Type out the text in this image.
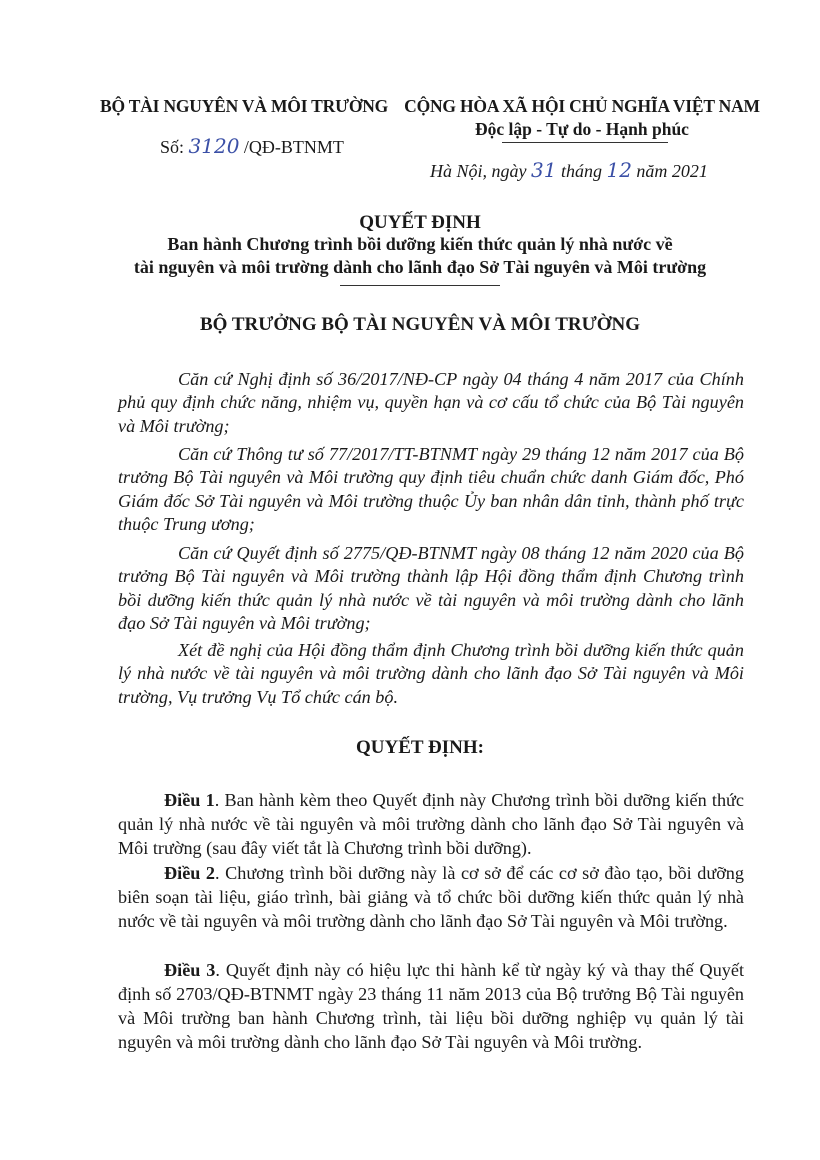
BỘ TÀI NGUYÊN VÀ MÔI TRƯỜNG
Số: 3120 /QĐ-BTNMT
CỘNG HÒA XÃ HỘI CHỦ NGHĨA VIỆT NAM
Độc lập - Tự do - Hạnh phúc
Hà Nội, ngày 31 tháng 12 năm 2021
QUYẾT ĐỊNH
Ban hành Chương trình bồi dưỡng kiến thức quản lý nhà nước về
tài nguyên và môi trường dành cho lãnh đạo Sở Tài nguyên và Môi trường
BỘ TRƯỞNG BỘ TÀI NGUYÊN VÀ MÔI TRƯỜNG
Căn cứ Nghị định số 36/2017/NĐ-CP ngày 04 tháng 4 năm 2017 của Chính phủ quy định chức năng, nhiệm vụ, quyền hạn và cơ cấu tổ chức của Bộ Tài nguyên và Môi trường;
Căn cứ Thông tư số 77/2017/TT-BTNMT ngày 29 tháng 12 năm 2017 của Bộ trưởng Bộ Tài nguyên và Môi trường quy định tiêu chuẩn chức danh Giám đốc, Phó Giám đốc Sở Tài nguyên và Môi trường thuộc Ủy ban nhân dân tỉnh, thành phố trực thuộc Trung ương;
Căn cứ Quyết định số 2775/QĐ-BTNMT ngày 08 tháng 12 năm 2020 của Bộ trưởng Bộ Tài nguyên và Môi trường thành lập Hội đồng thẩm định Chương trình bồi dưỡng kiến thức quản lý nhà nước về tài nguyên và môi trường dành cho lãnh đạo Sở Tài nguyên và Môi trường;
Xét đề nghị của Hội đồng thẩm định Chương trình bồi dưỡng kiến thức quản lý nhà nước về tài nguyên và môi trường dành cho lãnh đạo Sở Tài nguyên và Môi trường, Vụ trưởng Vụ Tổ chức cán bộ.
QUYẾT ĐỊNH:
Điều 1. Ban hành kèm theo Quyết định này Chương trình bồi dưỡng kiến thức quản lý nhà nước về tài nguyên và môi trường dành cho lãnh đạo Sở Tài nguyên và Môi trường (sau đây viết tắt là Chương trình bồi dưỡng).
Điều 2. Chương trình bồi dưỡng này là cơ sở để các cơ sở đào tạo, bồi dưỡng biên soạn tài liệu, giáo trình, bài giảng và tổ chức bồi dưỡng kiến thức quản lý nhà nước về tài nguyên và môi trường dành cho lãnh đạo Sở Tài nguyên và Môi trường.
Điều 3. Quyết định này có hiệu lực thi hành kể từ ngày ký và thay thế Quyết định số 2703/QĐ-BTNMT ngày 23 tháng 11 năm 2013 của Bộ trưởng Bộ Tài nguyên và Môi trường ban hành Chương trình, tài liệu bồi dưỡng nghiệp vụ quản lý tài nguyên và môi trường dành cho lãnh đạo Sở Tài nguyên và Môi trường.
